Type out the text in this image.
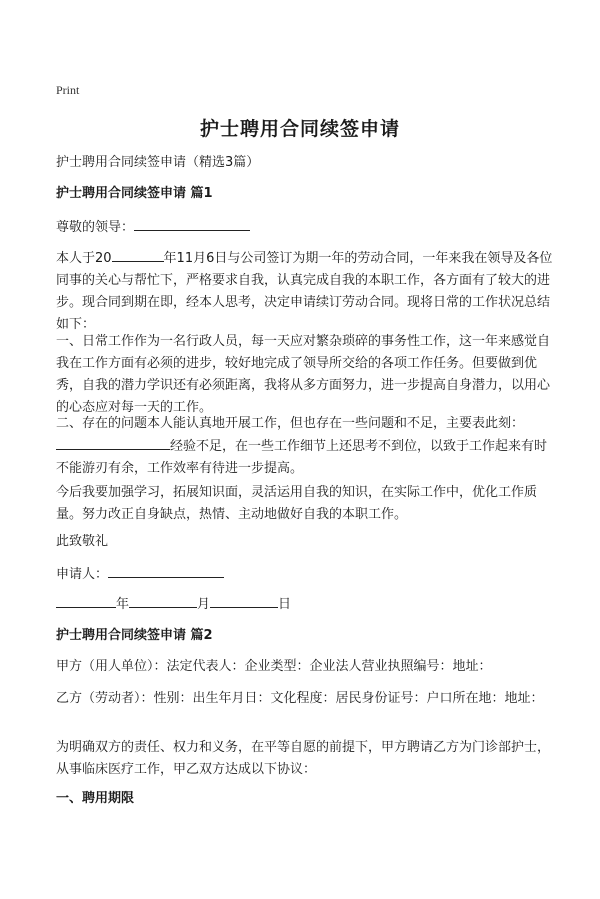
Print
护士聘用合同续签申请
护士聘用合同续签申请（精选3篇）
护士聘用合同续签申请 篇1
尊敬的领导：
本人于20	年11月6日与公司签订为期一年的劳动合同，一年来我在领导及各位同事的关心与帮忙下，严格要求自我，认真完成自我的本职工作，各方面有了较大的进步。现合同到期在即，经本人思考，决定申请续订劳动合同。现将日常的工作状况总结如下：
一、日常工作作为一名行政人员，每一天应对繁杂琐碎的事务性工作，这一年来感觉自我在工作方面有必须的进步，较好地完成了领导所交给的各项工作任务。但要做到优秀，自我的潜力学识还有必须距离，我将从多方面努力，进一步提高自身潜力，以用心的心态应对每一天的工作。
二、存在的问题本人能认真地开展工作，但也存在一些问题和不足，主要表此刻：
经验不足，在一些工作细节上还思考不到位，以致于工作起来有时不能游刃有余，工作效率有待进一步提高。
今后我要加强学习，拓展知识面，灵活运用自我的知识，在实际工作中，优化工作质量。努力改正自身缺点，热情、主动地做好自我的本职工作。
此致敬礼
申请人：
年	月	日
护士聘用合同续签申请 篇2
甲方（用人单位）：法定代表人：企业类型：企业法人营业执照编号：地址：
乙方（劳动者）：性别：出生年月日：文化程度：居民身份证号：户口所在地：地址：
为明确双方的责任、权力和义务，在平等自愿的前提下，甲方聘请乙方为门诊部护士，从事临床医疗工作，甲乙双方达成以下协议：
一、聘用期限
